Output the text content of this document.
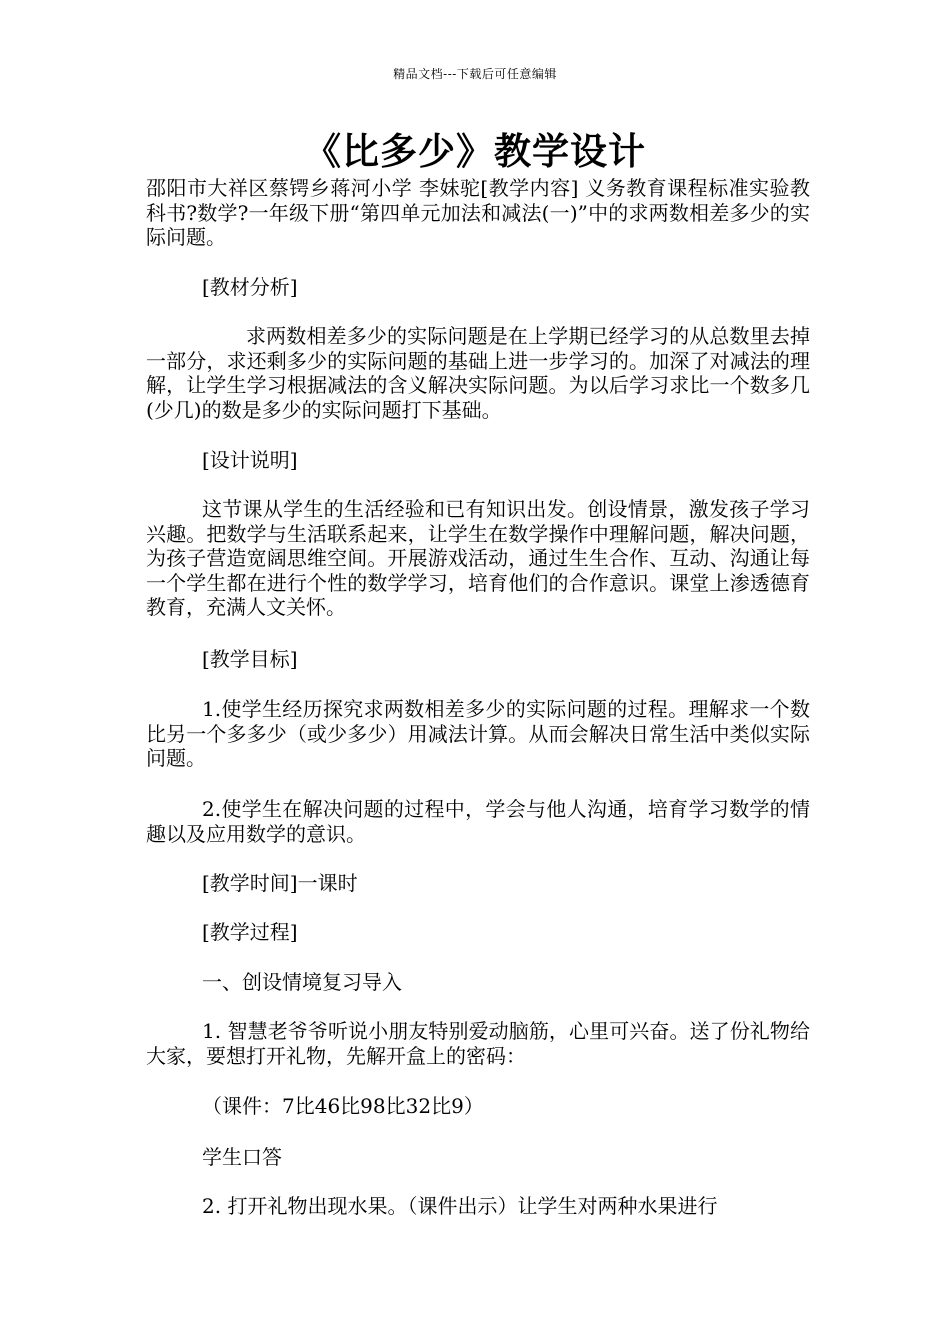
精品文档---下载后可任意编辑
《比多少》教学设计

邵阳市大祥区蔡锷乡蒋河小学 李妹驼[教学内容] 义务教育课程标准实验教科书?数学?一年级下册“第四单元加法和减法(一)”中的求两数相差多少的实际问题。

[教材分析]

求两数相差多少的实际问题是在上学期已经学习的从总数里去掉一部分，求还剩多少的实际问题的基础上进一步学习的。加深了对减法的理解，让学生学习根据减法的含义解决实际问题。为以后学习求比一个数多几(少几)的数是多少的实际问题打下基础。

[设计说明]

这节课从学生的生活经验和已有知识出发。创设情景，激发孩子学习兴趣。把数学与生活联系起来，让学生在数学操作中理解问题，解决问题，为孩子营造宽阔思维空间。开展游戏活动，通过生生合作、互动、沟通让每一个学生都在进行个性的数学学习，培育他们的合作意识。课堂上渗透德育教育，充满人文关怀。

[教学目标]

1.使学生经历探究求两数相差多少的实际问题的过程。理解求一个数比另一个多多少（或少多少）用减法计算。从而会解决日常生活中类似实际问题。

2.使学生在解决问题的过程中，学会与他人沟通，培育学习数学的情趣以及应用数学的意识。

[教学时间]一课时

[教学过程]

一、创设情境复习导入

1. 智慧老爷爷听说小朋友特别爱动脑筋，心里可兴奋。送了份礼物给大家，要想打开礼物，先解开盒上的密码：

（课件：7比46比98比32比9）

学生口答

2. 打开礼物出现水果。（课件出示）让学生对两种水果进行
